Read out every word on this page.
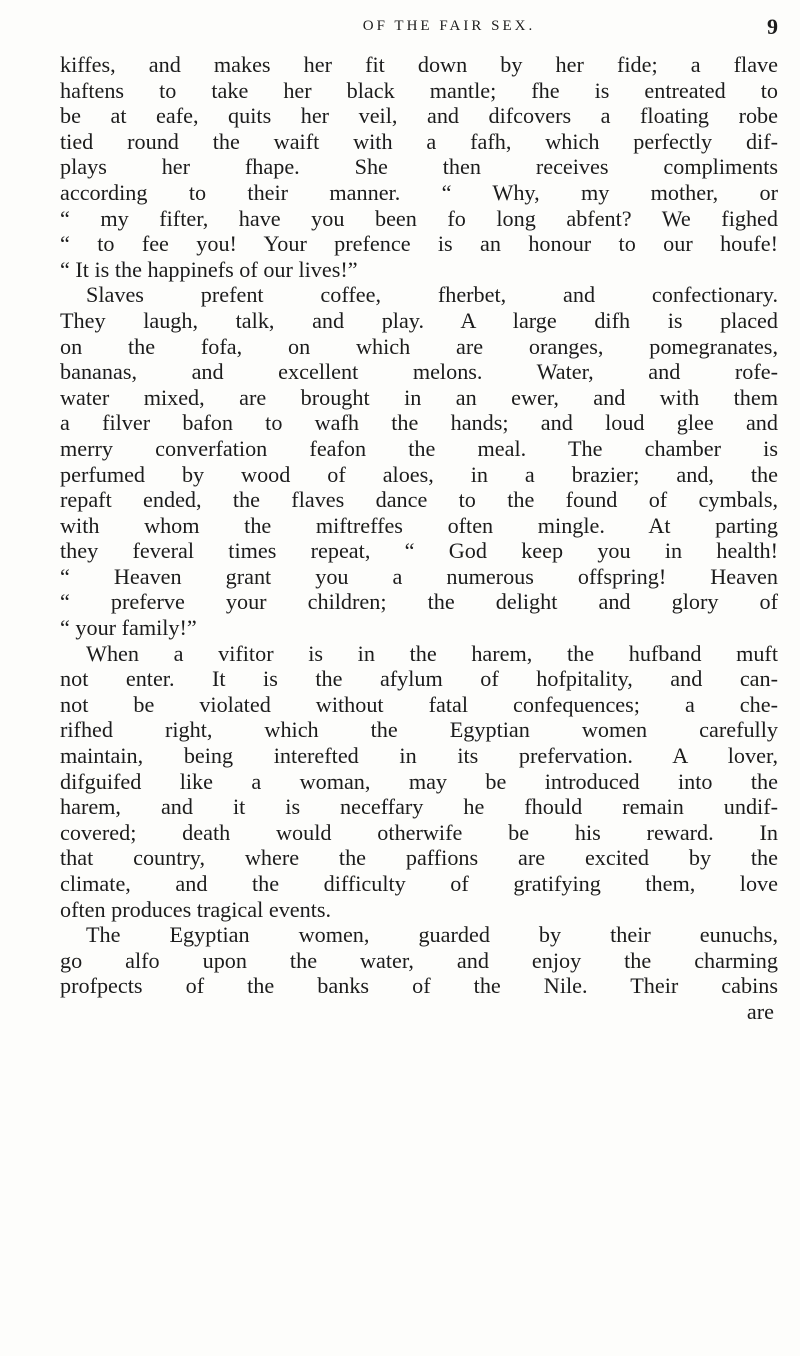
OF THE FAIR SEX.	9
kiffes, and makes her fit down by her fide; a flave
haftens to take her black mantle; fhe is entreated to
be at eafe, quits her veil, and difcovers a floating robe
tied round the waift with a fafh, which perfectly dif-
plays her fhape. She then receives compliments
according to their manner. “ Why, my mother, or
“ my fifter, have you been fo long abfent? We fighed
“ to fee you! Your prefence is an honour to our houfe!
“ It is the happinefs of our lives!”
Slaves prefent coffee, fherbet, and confectionary.
They laugh, talk, and play. A large difh is placed
on the fofa, on which are oranges, pomegranates,
bananas, and excellent melons. Water, and rofe-
water mixed, are brought in an ewer, and with them
a filver bafon to wafh the hands; and loud glee and
merry converfation feafon the meal. The chamber is
perfumed by wood of aloes, in a brazier; and, the
repaft ended, the flaves dance to the found of cymbals,
with whom the miftreffes often mingle. At parting
they feveral times repeat, “ God keep you in health!
“ Heaven grant you a numerous offspring! Heaven
“ preferve your children; the delight and glory of
“ your family!”
When a vifitor is in the harem, the hufband muft
not enter. It is the afylum of hofpitality, and can-
not be violated without fatal confequences; a che-
rifhed right, which the Egyptian women carefully
maintain, being interefted in its prefervation. A lover,
difguifed like a woman, may be introduced into the
harem, and it is neceffary he fhould remain undif-
covered; death would otherwife be his reward. In
that country, where the paffions are excited by the
climate, and the difficulty of gratifying them, love
often produces tragical events.
The Egyptian women, guarded by their eunuchs,
go alfo upon the water, and enjoy the charming
profpects of the banks of the Nile. Their cabins
are
